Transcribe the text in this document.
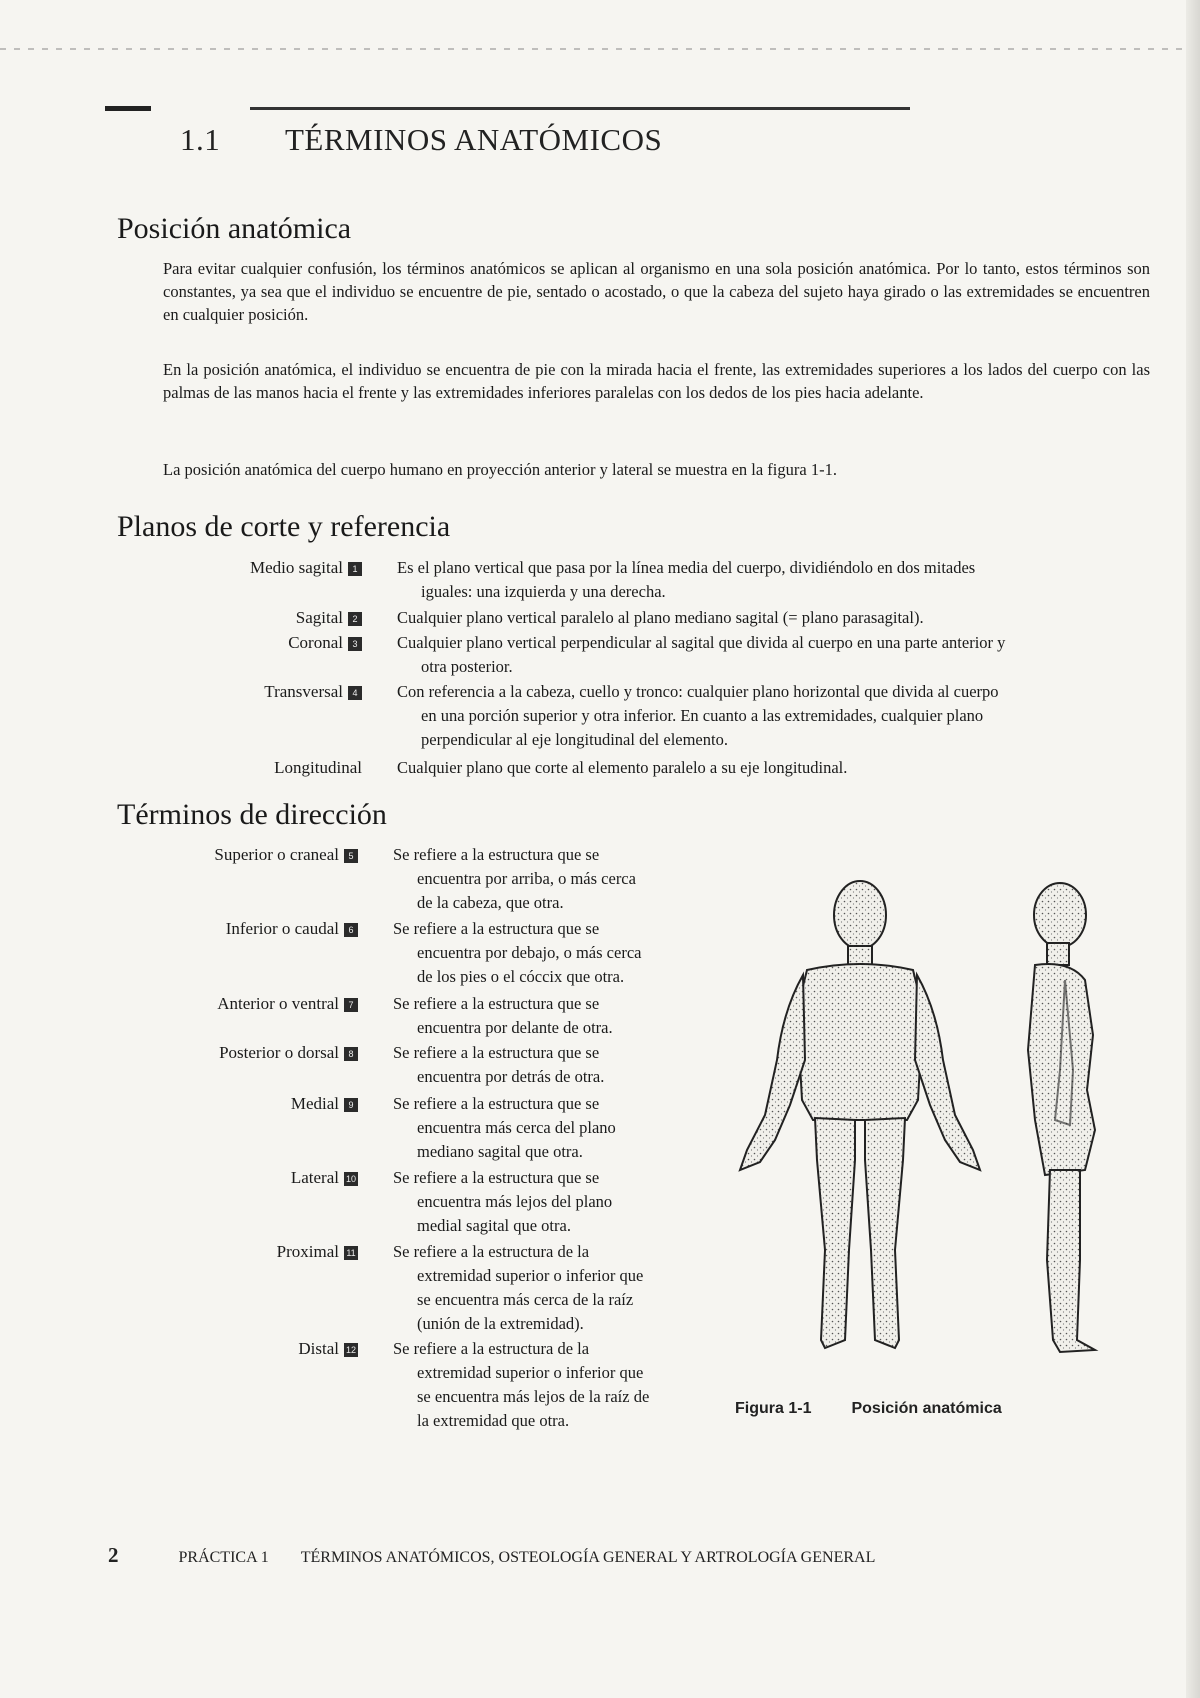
1.1 TÉRMINOS ANATÓMICOS
Posición anatómica

Para evitar cualquier confusión, los términos anatómicos se aplican al organismo en una sola posición anatómica. Por lo tanto, estos términos son constantes, ya sea que el individuo se encuentre de pie, sentado o acostado, o que la cabeza del sujeto haya girado o las extremidades se encuentren en cualquier posición.

En la posición anatómica, el individuo se encuentra de pie con la mirada hacia el frente, las extremidades superiores a los lados del cuerpo con las palmas de las manos hacia el frente y las extremidades inferiores paralelas con los dedos de los pies hacia adelante.

La posición anatómica del cuerpo humano en proyección anterior y lateral se muestra en la figura 1-1.

Planos de corte y referencia
Medio sagital 1 Es el plano vertical que pasa por la línea media del cuerpo, dividiéndolo en dos mitades
iguales: una izquierda y una derecha.
Sagital 2 Cualquier plano vertical paralelo al plano mediano sagital (= plano parasagital).
Coronal 3 Cualquier plano vertical perpendicular al sagital que divida al cuerpo en una parte anterior y
otra posterior.
Transversal 4 Con referencia a la cabeza, cuello y tronco: cualquier plano horizontal que divida al cuerpo
en una porción superior y otra inferior. En cuanto a las extremidades, cualquier plano
perpendicular al eje longitudinal del elemento.
Longitudinal Cualquier plano que corte al elemento paralelo a su eje longitudinal.
Términos de dirección
Superior o craneal 5 Se refiere a la estructura que se
encuentra por arriba, o más cerca
de la cabeza, que otra.
Inferior o caudal 6 Se refiere a la estructura que se
encuentra por debajo, o más cerca
de los pies o el cóccix que otra.
Anterior o ventral 7 Se refiere a la estructura que se
encuentra por delante de otra.
Posterior o dorsal 8 Se refiere a la estructura que se
encuentra por detrás de otra.
Medial 9 Se refiere a la estructura que se
encuentra más cerca del plano
mediano sagital que otra.
Lateral 10 Se refiere a la estructura que se
encuentra más lejos del plano
medial sagital que otra.
Proximal 11 Se refiere a la estructura de la
extremidad superior o inferior que
se encuentra más cerca de la raíz
(unión de la extremidad).
Distal 12 Se refiere a la estructura de la
extremidad superior o inferior que
se encuentra más lejos de la raíz de
la extremidad que otra.
Figura 1-1	Posición anatómica
2	PRÁCTICA 1 TÉRMINOS ANATÓMICOS, OSTEOLOGÍA GENERAL Y ARTROLOGÍA GENERAL
